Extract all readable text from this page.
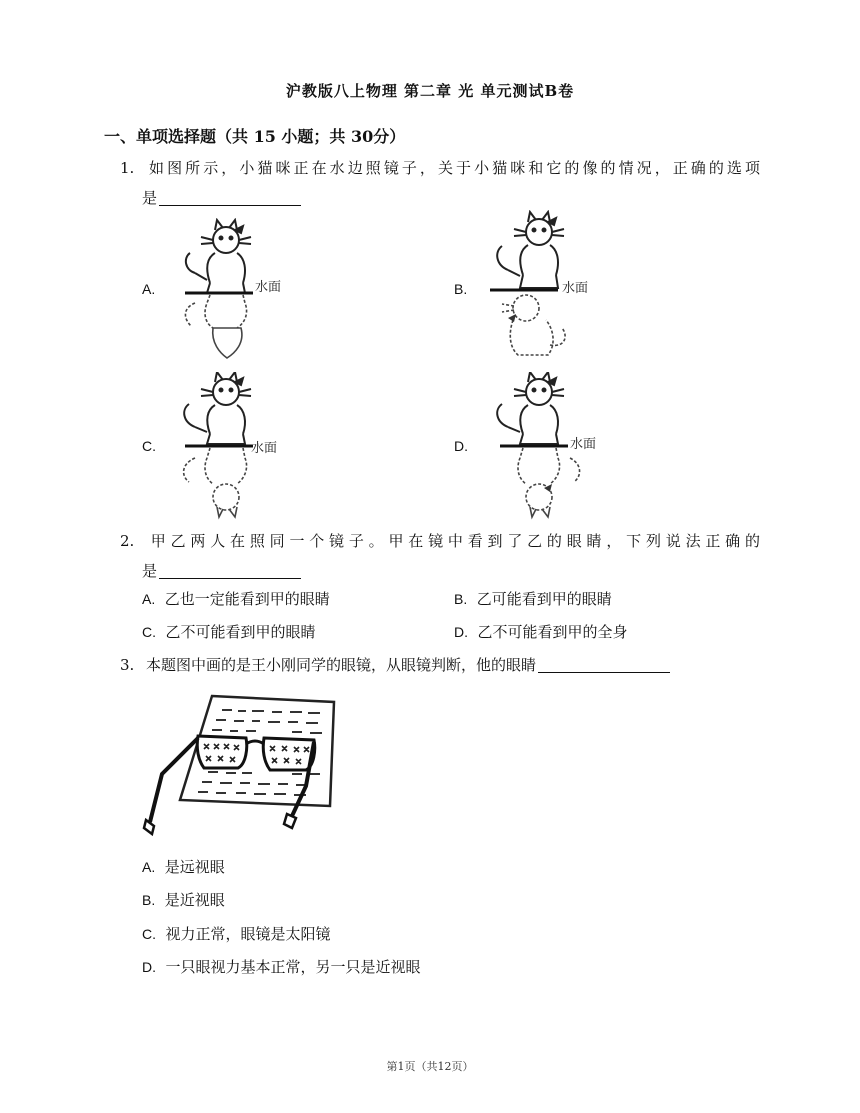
沪教版八上物理 第二章 光 单元测试B卷
一、单项选择题（共 15 小题；共 30分）
1. 如图所示，小猫咪正在水边照镜子，关于小猫咪和它的像的情况，正确的选项
是
A.	B.
C.	D.
水面	水面
水面	水面
2. 甲乙两人在照同一个镜子。甲在镜中看到了乙的眼睛，下列说法正确的
是
A. 乙也一定能看到甲的眼睛	B. 乙可能看到甲的眼睛
C. 乙不可能看到甲的眼睛	D. 乙不可能看到甲的全身
3. 本题图中画的是王小刚同学的眼镜，从眼镜判断，他的眼睛
A. 是远视眼
B. 是近视眼
C. 视力正常，眼镜是太阳镜
D. 一只眼视力基本正常，另一只是近视眼
第1页（共12页）
